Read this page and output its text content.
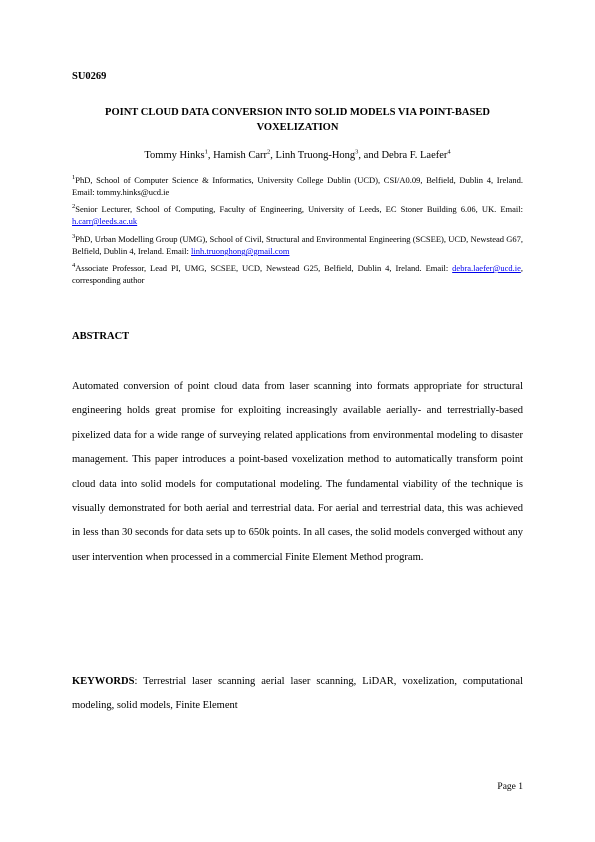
SU0269
POINT CLOUD DATA CONVERSION INTO SOLID MODELS VIA POINT-BASED VOXELIZATION
Tommy Hinks$^1$, Hamish Carr$^2$, Linh Truong-Hong$^3$, and Debra F. Laefer$^4$
$^1$PhD, School of Computer Science & Informatics, University College Dublin (UCD), CSI/A0.09, Belfield, Dublin 4, Ireland. Email: tommy.hinks@ucd.ie
$^2$Senior Lecturer, School of Computing, Faculty of Engineering, University of Leeds, EC Stoner Building 6.06, UK. Email: h.carr@leeds.ac.uk
$^3$PhD, Urban Modelling Group (UMG), School of Civil, Structural and Environmental Engineering (SCSEE), UCD, Newstead G67, Belfield, Dublin 4, Ireland. Email: linh.truonghong@gmail.com
$^4$Associate Professor, Lead PI, UMG, SCSEE, UCD, Newstead G25, Belfield, Dublin 4, Ireland. Email: debra.laefer@ucd.ie, corresponding author
ABSTRACT
Automated conversion of point cloud data from laser scanning into formats appropriate for structural engineering holds great promise for exploiting increasingly available aerially- and terrestrially-based pixelized data for a wide range of surveying related applications from environmental modeling to disaster management. This paper introduces a point-based voxelization method to automatically transform point cloud data into solid models for computational modeling. The fundamental viability of the technique is visually demonstrated for both aerial and terrestrial data. For aerial and terrestrial data, this was achieved in less than 30 seconds for data sets up to 650k points. In all cases, the solid models converged without any user intervention when processed in a commercial Finite Element Method program.
KEYWORDS: Terrestrial laser scanning aerial laser scanning, LiDAR, voxelization, computational modeling, solid models, Finite Element
Page 1
